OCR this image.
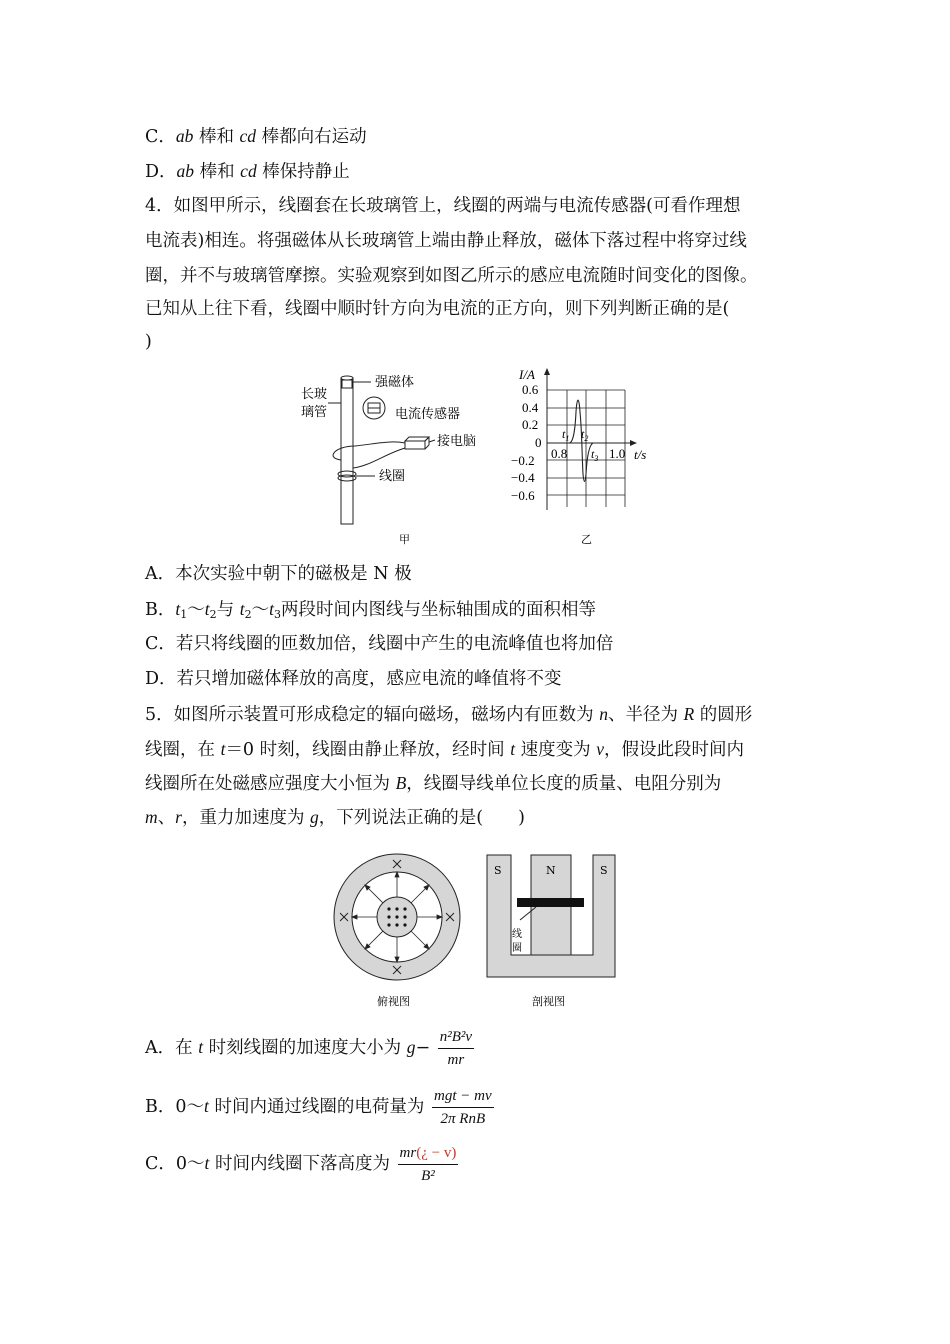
C．ab 棒和 cd 棒都向右运动
D．ab 棒和 cd 棒保持静止
4．如图甲所示，线圈套在长玻璃管上，线圈的两端与电流传感器(可看作理想
电流表)相连。将强磁体从长玻璃管上端由静止释放，磁体下落过程中将穿过线
圈，并不与玻璃管摩擦。实验观察到如图乙所示的感应电流随时间变化的图像。
已知从上往下看，线圈中顺时针方向为电流的正方向，则下列判断正确的是(
)
强磁体
长玻
璃管	电流传感器
接电脑
线圈
甲
I/A
t/s
0.6
0.4
0.2
0
−0.2
−0.4
−0.6
0.8	1.0
$t_1$ $t_2$
$t_3$
乙
A．本次实验中朝下的磁极是 N 极
B．$t_1\sim t_2$与 $t_2\sim t_3$两段时间内图线与坐标轴围成的面积相等
C．若只将线圈的匝数加倍，线圈中产生的电流峰值也将加倍
D．若只增加磁体释放的高度，感应电流的峰值将不变
5．如图所示装置可形成稳定的辐向磁场，磁场内有匝数为 n、半径为 R 的圆形
线圈，在 t＝0 时刻，线圈由静止释放，经时间 t 速度变为 v，假设此段时间内
线圈所在处磁感应强度大小恒为 B，线圈导线单位长度的质量、电阻分别为
m、r，重力加速度为 g，下列说法正确的是(　　)
俯视图
S	N	S
线
圈
剖视图
A．在 t 时刻线圈的加速度大小为 $g- \frac{\text{n²B²v}}{mr}$
B．0～t 时间内通过线圈的电荷量为 $\frac{\text{mgt − mv}}{\text{2π RnB}}$
C．0～t 时间内线圈下落高度为 $\frac{mr(¿ - v)}{\text{B²}}$
